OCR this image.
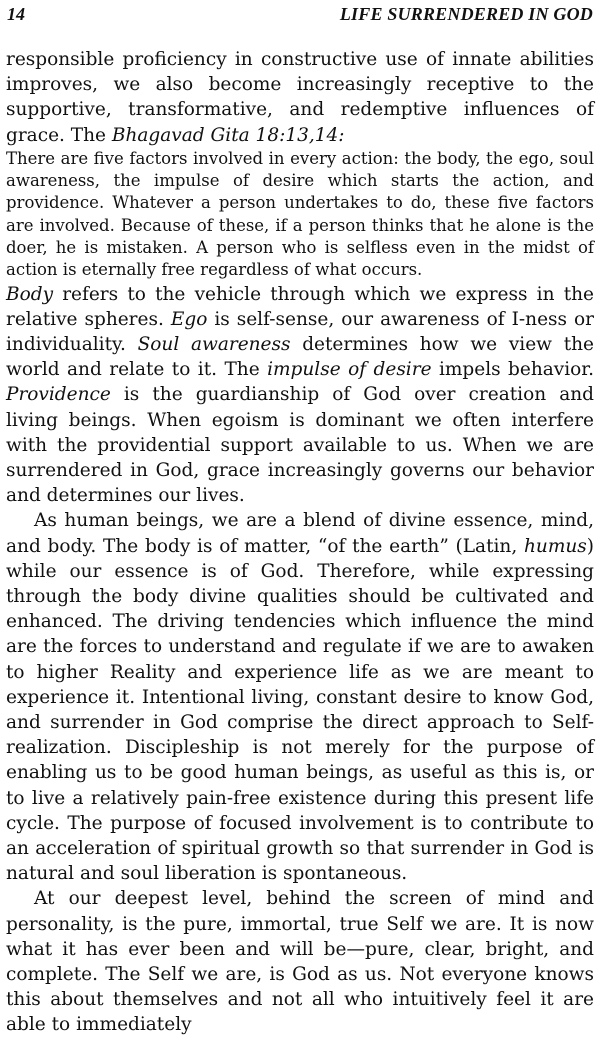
14	LIFE SURRENDERED IN GOD

responsible proficiency in constructive use of innate abilities improves, we also become increasingly receptive to the supportive, transformative, and redemptive influences of grace. The Bhagavad Gita 18:13,14:

There are five factors involved in every action: the body, the ego, soul awareness, the impulse of desire which starts the action, and providence. Whatever a person undertakes to do, these five factors are involved. Because of these, if a person thinks that he alone is the doer, he is mistaken. A person who is selfless even in the midst of action is eternally free regardless of what occurs.

Body refers to the vehicle through which we express in the relative spheres. Ego is self-sense, our awareness of I-ness or individuality. Soul awareness determines how we view the world and relate to it. The impulse of desire impels behavior. Providence is the guardianship of God over creation and living beings. When egoism is dominant we often interfere with the providential support available to us. When we are surrendered in God, grace increasingly governs our behavior and determines our lives.

As human beings, we are a blend of divine essence, mind, and body. The body is of matter, “of the earth” (Latin, humus) while our essence is of God. Therefore, while expressing through the body divine qualities should be cultivated and enhanced. The driving tendencies which influence the mind are the forces to understand and regulate if we are to awaken to higher Reality and experience life as we are meant to experience it. Intentional living, constant desire to know God, and surrender in God comprise the direct approach to Self-realization. Discipleship is not merely for the purpose of enabling us to be good human beings, as useful as this is, or to live a relatively pain-free existence during this present life cycle. The purpose of focused involvement is to contribute to an acceleration of spiritual growth so that surrender in God is natural and soul liberation is spontaneous.

At our deepest level, behind the screen of mind and personality, is the pure, immortal, true Self we are. It is now what it has ever been and will be—pure, clear, bright, and complete. The Self we are, is God as us. Not everyone knows this about themselves and not all who intuitively feel it are able to immediately
